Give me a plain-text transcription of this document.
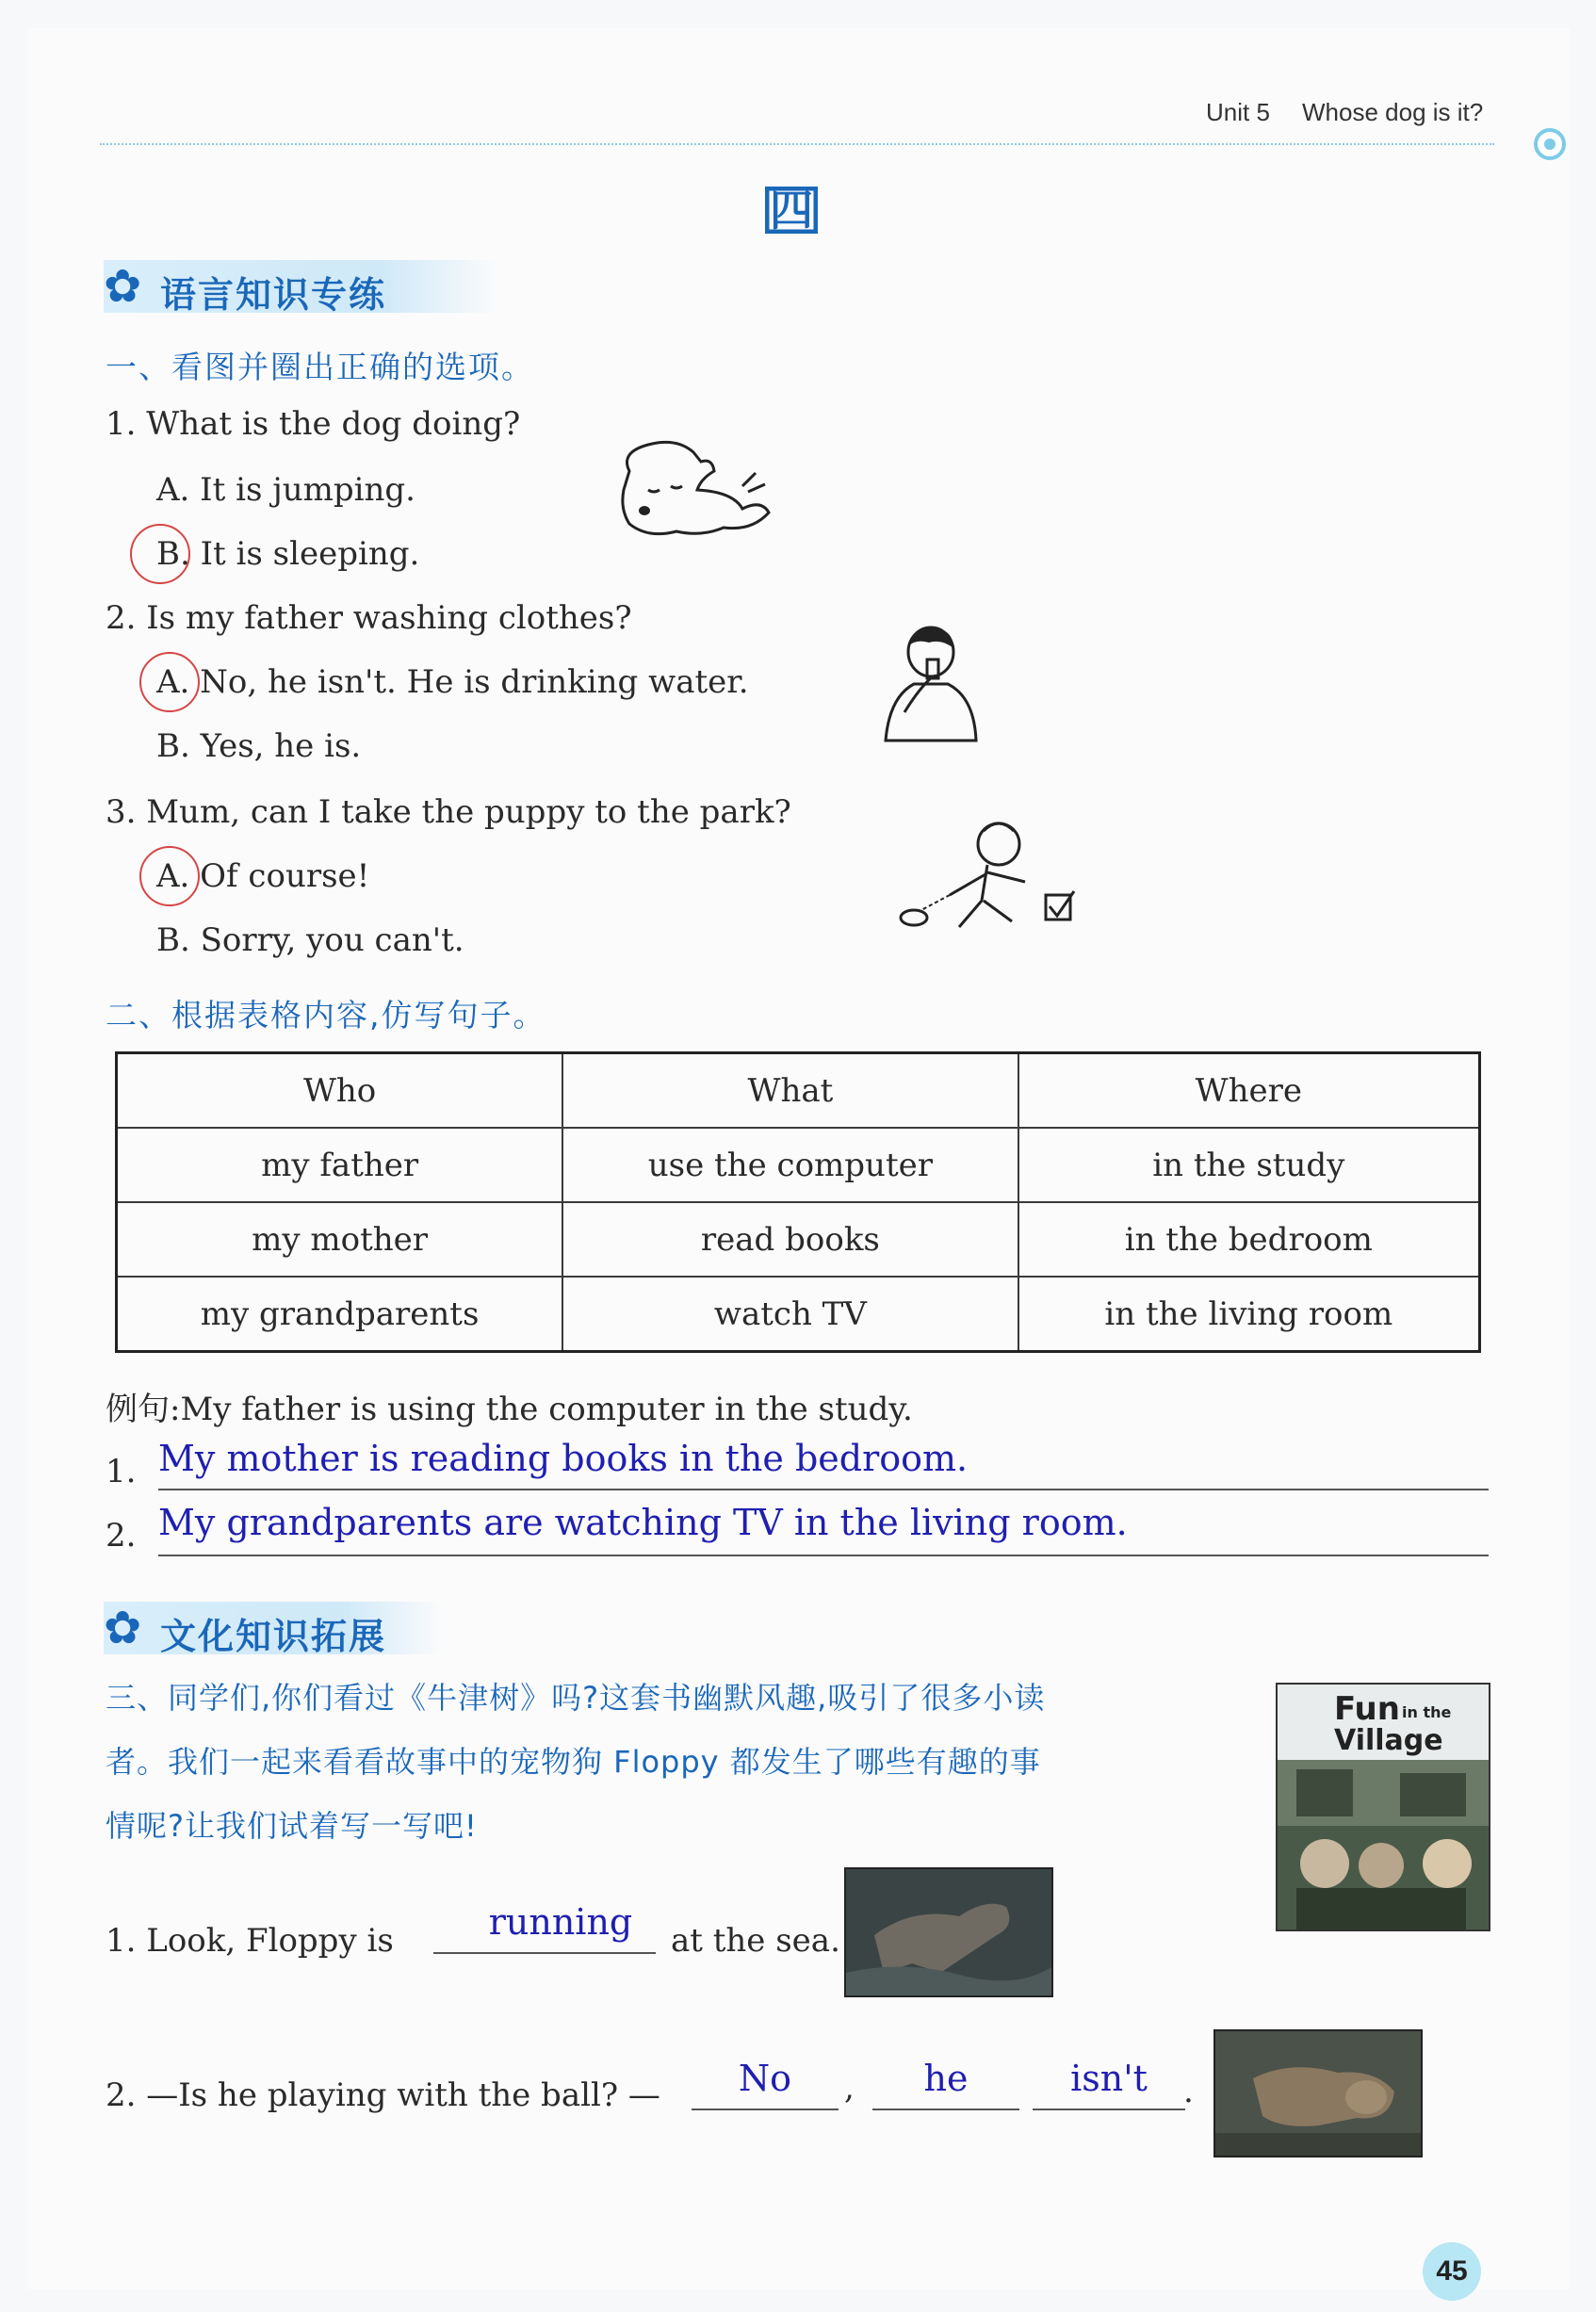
Unit 5 Whose dog is it?
四
✿ 语言知识专练
一、看图并圈出正确的选项。
1. What is the dog doing?
A. It is jumping.
B. It is sleeping.
2. Is my father washing clothes?
A. No, he isn't. He is drinking water.
B. Yes, he is.
3. Mum, can I take the puppy to the park?
A. Of course!
B. Sorry, you can't.
二、根据表格内容,仿写句子。
Who	What	Where
my father	use the computer	in the study
my mother	read books	in the bedroom
my grandparents	watch TV	in the living room
例句:My father is using the computer in the study.
1. My mother is reading books in the bedroom.
2. My grandparents are watching TV in the living room.
✿ 文化知识拓展
三、同学们,你们看过《牛津树》吗?这套书幽默风趣,吸引了很多小读
者。我们一起来看看故事中的宠物狗 Floppy 都发生了哪些有趣的事
情呢?让我们试着写一写吧!
Fun in the
Village
1. Look, Floppy is	running	at the sea.
2. —Is he playing with the ball? —	No	,	he	isn't	.
45
